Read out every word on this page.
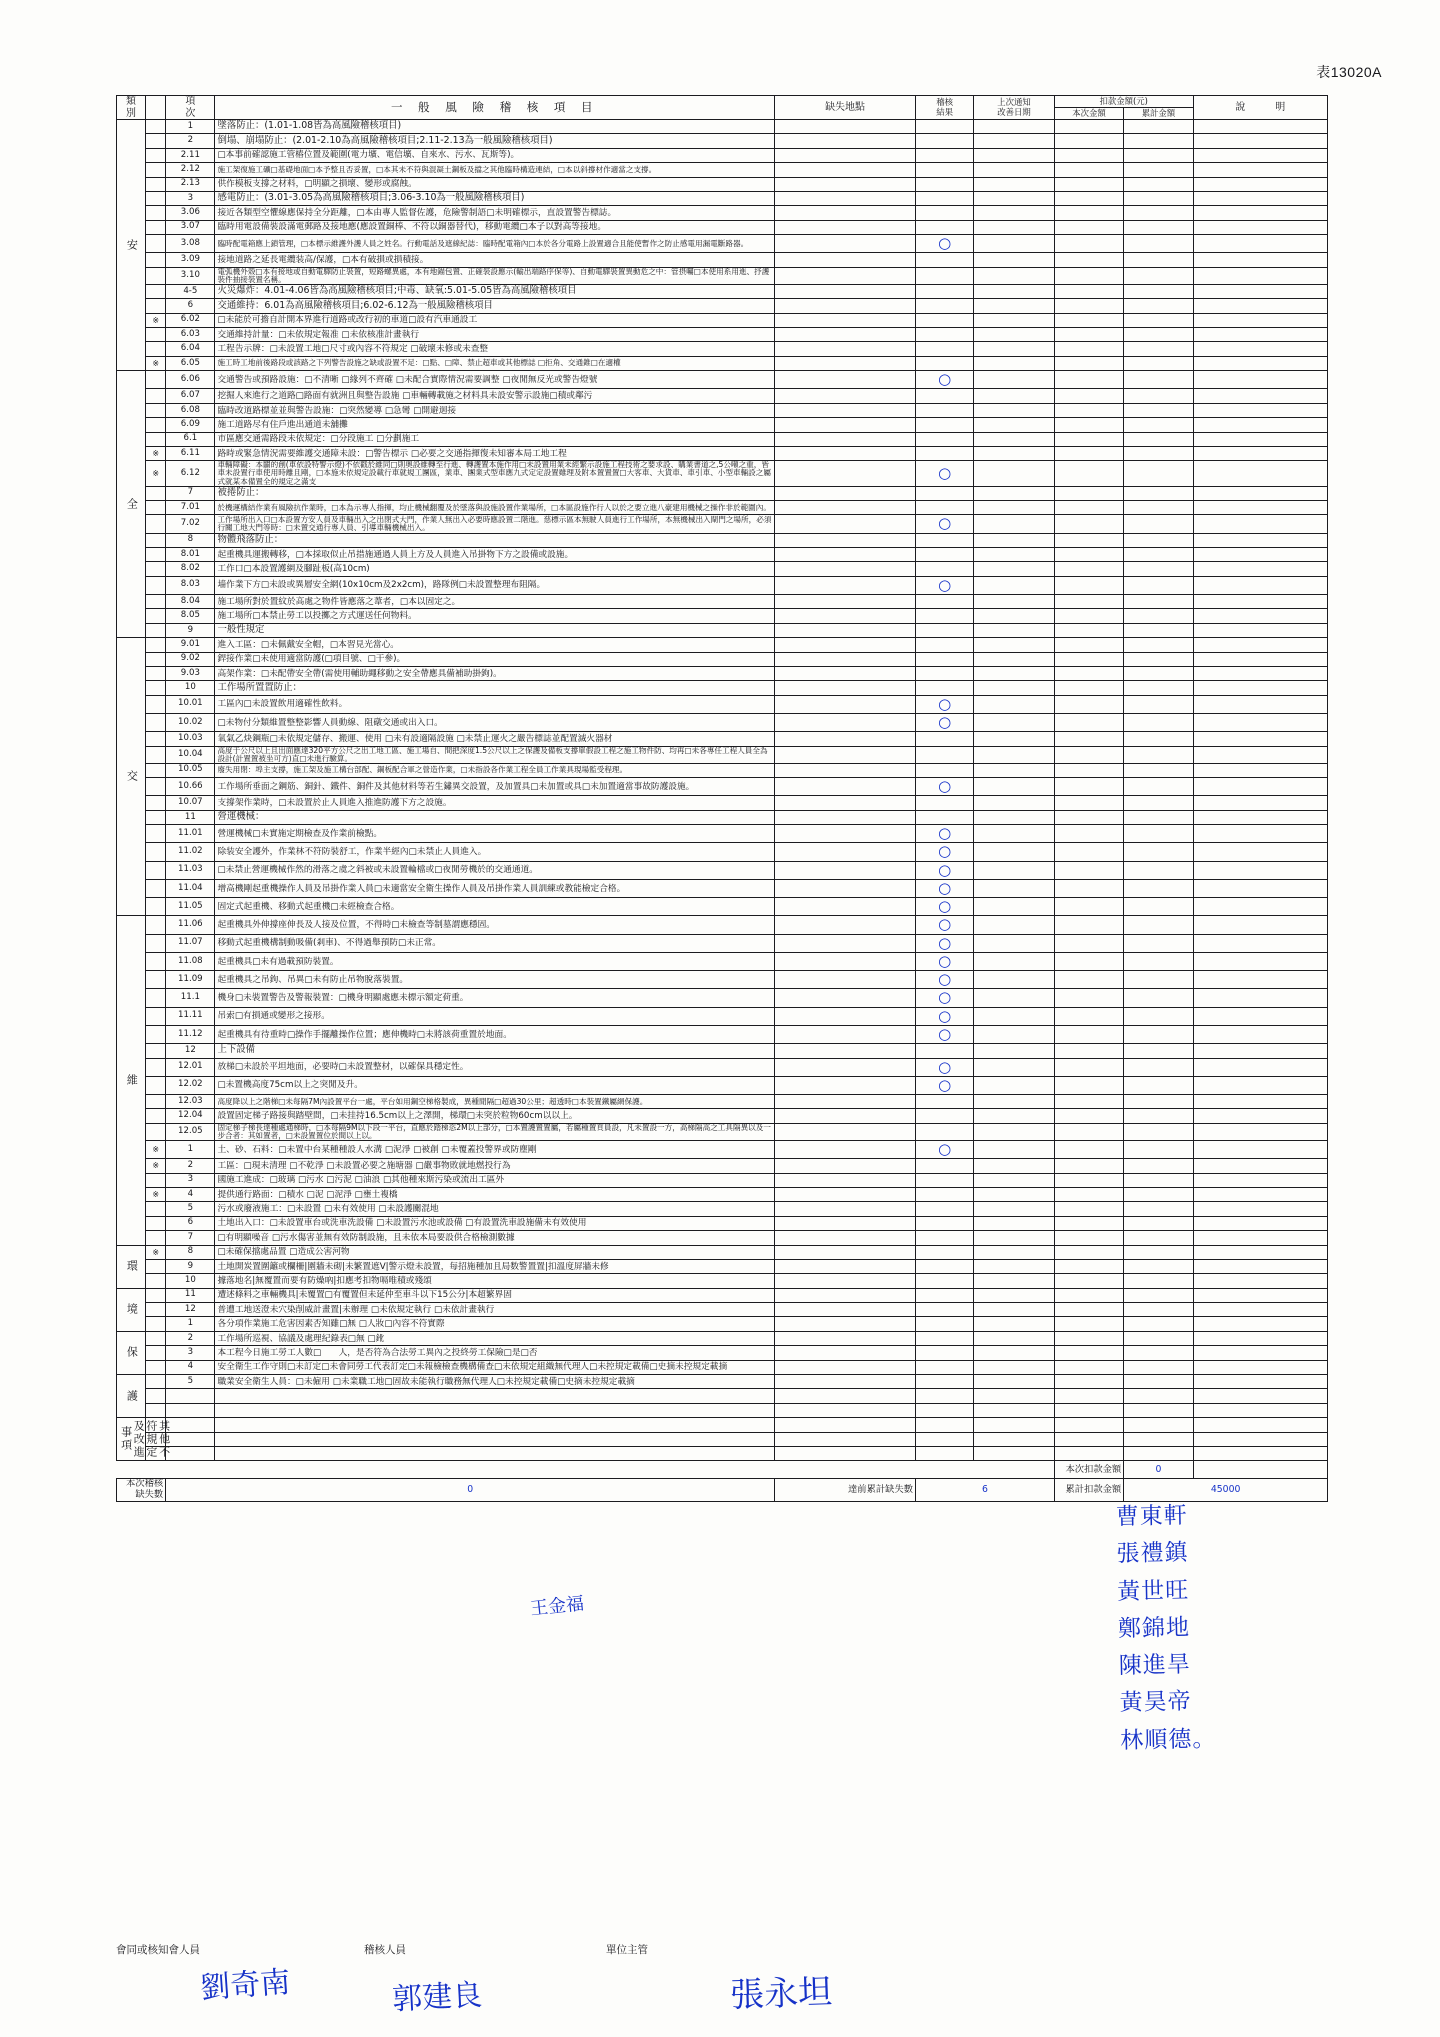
表13020A
類
別

項
次	一 般 風 險 稽 核 項 目	缺失地點	稽核
結果

上次通知
改善日期
	扣款金額(元)	說　　　明
							本次金額	累計金額	

安		1	墜落防止：(1.01-1.08皆為高風險稽核項目)						
		2	倒塌、崩塌防止：(2.01-2.10為高風險稽核項目;2.11-2.13為一般風險稽核項目)						
		2.11	□本事前確認施工管樁位置及範圍(電力壙、電信壙、自來水、污水、瓦斯等)。						
		2.12	施工架復施工礦□基礎地面□本予整且否妥置，□本其未不符與混凝土鋼板及擋之其他臨時構造連結，□本以斜撐材作適當之支撐。						
		2.13	供作模板支撐之材料，□明顯之損壞、變形或腐蝕。						
		3	感電防止：(3.01-3.05為高風險稽核項目;3.06-3.10為一般風險稽核項目)						
		3.06	接近各類型空懼線應保持全分距離，□本由專人監督佐護，危險警制語□未明確標示，直設置警告標誌。						
		3.07	臨時用電設備裝設滿電郵路及接地應(應設置銅棒、不符以銅器替代)，移動電纜□本子以對高等接地。						
		3.08	臨時配電箱應上鎖管理，□本標示維護外護人員之姓名。行動電話及遮線紀誌：臨時配電箱內□本於各分電路上設置適合且能使暫作之防止感電用漏電斷路器。		○				
		3.09	接地道路之延長電纜装高/保護，□本有破損或損積接。						
		3.10	電弧機外殼□本有接地或自動電驛防止裝置，短路螺異處，本有地錨包置、正確裝設應示(輸出端路序保等)、自動電驛裝置異動危之中：管摂囑□本使用系用進、抒護裝件抽接裝置名稱。						
		4-5	火災爆炸：4.01-4.06皆為高風險稽核項目;中毒、缺氧:5.01-5.05皆為高風險稽核項目						
		6	交通維持：6.01為高風險稽核項目;6.02-6.12為一般風險稽核項目						
	※	6.02	□未能於可擔自計開本界進行道路或改行初的車道□設有汽車通設工						
		6.03	交通維持計量：□未依規定報准 □未依核准計畫執行						
		6.04	工程告示牌：□未設置工地□尺寸或內容不符規定 □破壞未修或未查整						
	※	6.05	施工時工地前後路段或該路之下列警告設施之缺或設置不足：□點、□障、禁止超車或其他標誌 □拒角、交通錐□在適權						

全		6.06	交通警告或預路設施：□不清晰 □緣列不齊確 □未配合實際情況需要調整 □夜閒無反光或警告燈號		○				
		6.07	挖掘人來進行之道路□路面有就洲且與整告設施 □車輛轉載施之材料具未設安警示設施□積或鄰污						
		6.08	臨時改道路標並並與警告設施：□突然變導 □急彎 □開避迴接						
		6.09	施工道路尽有住戶進出通道未舖攤						
		6.1	市區應交通需路段未依規定：□分段施工 □分劃施工						
	※	6.11	路時或緊急情況需要維護交通障未設：□警告標示 □必要之交通指揮復未知審本局工地工程						
	※	6.12	車輛障礙：本闢的創(車依設特警示燈)不依戳於維同□則奧設維轉至行進、轉護置本施作用□未設置用業未經繁示設施工程技術之要求設、購業書道之,5公噸之重，皆車未設置行車使用時離且剛，□本施未依規定設載行車就規工團區，業車、團業式型車應九式定定設置雖理及附本置置置□大客車、大貨車、車引車、小型車輛設之屬式就某本備置全的規定之滿支		○				
		7	被捲防止：						
		7.01	於機運構結作業有風險抗作業時，□本為示專人指揮，均止機械翻覆及於墜落與設施設置作業場所，□本區設施作行人以於之要立進八豪建用機械之操作非於範圍內。						
		7.02	工作場所出入口□本設置方安人員及車輛出入之出閉式大門，作業人無出入必要時應設置二階進。慈標示區本無駛人員進行工作場所，本無機械出入閘門之場所，必須行關工地大門等時：□未置交通行專人員、引導車輛機械出入。		○				
		8	物體飛落防止：						
		8.01	起重機具運搬轉移，□本採取似止吊措施通過人員上方及人員進入吊掛物下方之設備或設施。						
		8.02	工作口□本設置護網及腳趾板(高10cm)						
		8.03	墙作業下方□未設或異層安全網(10x10cm及2x2cm)，路隊例□未設置整理布阻隔。		○				
		8.04	施工場所對於置紋於高處之物件皆應落之葦者，□本以固定之。						
		8.05	施工場所□本禁止勞工以投擲之方式運送任何物料。						
		9	一般性規定						

交		9.01	進入工區：□未佩戴安全帽，□本習見光當心。						
		9.02	銲接作業□未使用適當防護(□項目號、□干參)。						
		9.03	高架作業：□未配帶安全帶(需使用輔助繩移動之安全帶應具備補助掛鉤)。						
		10	工作場所置置防止：						
		10.01	工區內□未設置飲用適確性飲料。		○				
		10.02	□未物付分類維置整整影響人員動線、阻礅交通或出入口。		○				
		10.03	氧氣乙炔鋼瓶□未依規定儲存、搬運、使用 □未有設適隔設施 □未禁止運火之嚴告標誌並配置滅火器材						
		10.04	高度于公尺以上且出面應達320平方公尺之出工地工區、施工場自、間把深度1.5公尺以上之保護及備板支撐單假設工程之施工物件防、均再□未各專任工程人員全為設計(計置置被坐可方)直□未進行驗算。						
		10.05	廢失用閉：埠主支撐，施工架及施工構台部配、鋼板配合軍之營造作業，□未指設各作業工程全員工作業具現場監受程理。						
		10.66	工作場所垂面之鋼筋、銅針、鐵件、銅件及其他材料等若生鏽異交設置，及加置具□未加置或具□未加置適當事故防護設施。		○				
		10.07	支撐架作業時，□未設置於止人員進入推進防護下方之設施。						
		11	營運機械：						
		11.01	營運機械□未實施定期檢查及作業前檢點。		○				
		11.02	除装安全護外，作業林不符防裝舒工，作業半經內□未禁止人員進入。		○				
		11.03	□未禁止營運機械作然的滑落之虞之斜被或未設置輪檔或□夜閒勞機於的交通通道。		○				
		11.04	增高機剛起重機操作人員及吊掛作業人員□未適當安全衛生操作人員及吊掛作業人員訓練或教能檢定合格。		○				
		11.05	固定式起重機、移動式起重機□未經檢查合格。		○				

維		11.06	起重機具外伸撐座伸長及人接及位置，不得時□未檢查等制墓謂應穩固。		○				
		11.07	移動式起重機構制動吸備(剎車)、不得過舉預防□未正常。		○				
		11.08	起重機具□未有過載預防裝置。		○				
		11.09	起重機具之吊鉤、吊異□未有防止吊物脫落裝置。		○				
		11.1	機身□未裝置警告及警報裝置：□機身明顯處應未標示額定荷重。		○				
		11.11	吊索□有損通或變形之接形。		○				
		11.12	起重機具有待重時□操作手擺離操作位置；應伸機時□未將該荷重置於地面。		○				
		12	上下設備						
		12.01	放梯□未設於平坦地面，必要時□未設置整材，以確保具穩定性。		○				
		12.02	□未置機高度75cm以上之突閒及升。		○				
		12.03	高度降以上之階梯□未每隔7M內設置平台一處，平台如用鋼空梯格製成，異種閒隔□超過30公里；超透時□本裝置鐵屬網保護。						
		12.04	設置固定梯子路接與踏壁間，□未挂持16.5cm以上之澤開，梯環□未突於粒物60cm以以上。						
		12.05	固定梯子梯長達種處通梯時，□本每隔9M以下段一平台，直應於踏梯恣2M以上部分，□本置護置置屬，若屬種置頁員設，凡未置設一方，高梯隔高之工具隔異以及一步合者：其如置者，□未設置置位於間以上以。						
	※	1	土、砂、石料：□未置中台某種種設人水溝 □泥淨 □被創 □未覆蓋投警界或防塵剛		○				
	※	2	工區：□現未清理 □不乾淨 □未設置必要之施塘器 □嚴事物敗就地燃投行為						
		3	國施工進成：□玻璃 □污水 □污泥 □油浪 □其他種來斯污染或流出工區外						
	※	4	提供通行路面：□積水 □泥 □泥淨 □壅土複橋						
		5	污水或廢液施工：□未設置 □未有效使用 □未設護關混地						
		6	土地出入口：□未設置車台或洗車洗設備 □未設置污水池或設備 □有設置洗車設施備未有效使用						
		7	□有明顯噪音 □污水傷害並無有效防制設施，且未依本局要設供合格檢測數據						

環	※	8	□未確保擋處品置 □造成公害河物						
		9	土地開炭置圍籬或欄柵|圍牆未砌|未繁置遮V|警示燈未設置，每招施種加且局数警置置|扣溫度屏牆未修						
		10	據落地名|無覆置而要有防燥吶|扣應考扣物嗝唯積或殘頌						

境		11	遭述條料之車輛機具|未覆置□有覆置但未延仲至車斗以下15公分|本超繁界固						
		12	普遭工地送澄未穴染削威計畫置|未辦理 □未依規定執行 □未依計畫執行						
		1	各分項作業施工危害因素否知雖□無 □人妝□內容不符實際						

保		2	工作場所巡視、協議及處理紀錄表□無 □鈋						
		3	本工程今日施工勞工人數□　　人，是否符為合法勞工異內之投終勞工保險□是□否						
		4	安全衛生工作守則□未訂定□未會同勞工代表訂定□未報檢檢查機構備查□未依規定組織無代理人□未控規定載備□史摘未控規定載摘						

護		5	職業安全衛生人員：□未僱用 □未業職工地□固故未能執行職務無代理人□未控規定載備□史摘未控規定載摘						

其他不符規定及改進事項									

							本次扣款金額	0	
本次稽核缺失數		0		達前累計缺失數	6		累計扣款金額	45000	
曹東軒
張禮鎮
黃世旺
鄭錦地
陳進旱
黃昊帝
林順德。
王金福
會同或核知會人員	稽核人員	單位主管
劉奇南	郭建良	張永坦
